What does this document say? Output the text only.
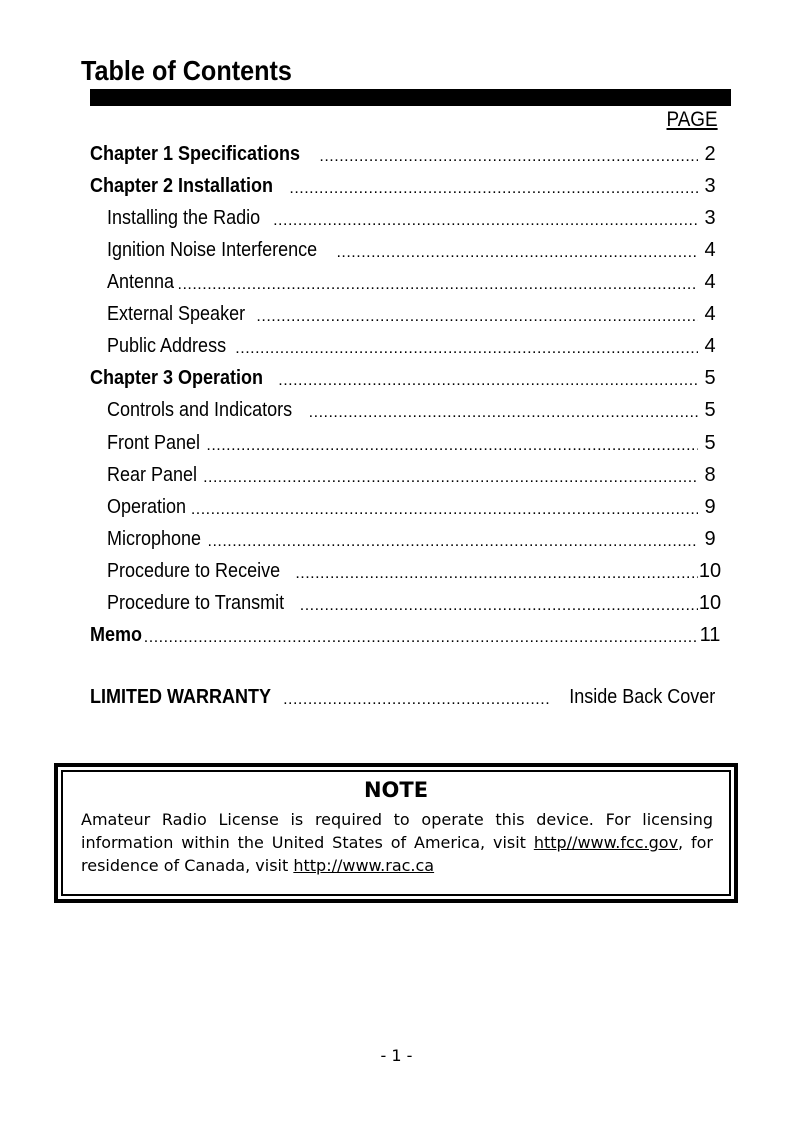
Table of Contents
PAGE
Chapter 1 Specifications .....	2
Chapter 2 Installation .....	3
Installing the Radio .....	3
Ignition Noise Interference .....	4
Antenna .....	4
External Speaker .....	4
Public Address .....	4
Chapter 3 Operation .....	5
Controls and Indicators .....	5
Front Panel .....	5
Rear Panel .....	8
Operation .....	9
Microphone .....	9
Procedure to Receive .....	10
Procedure to Transmit .....	10
Memo .....	11
LIMITED WARRANTY .....	Inside Back Cover
NOTE
Amateur Radio License is required to operate this device. For licensing information within the United States of America, visit http//www.fcc.gov, for residence of Canada, visit http://www.rac.ca
- 1 -
